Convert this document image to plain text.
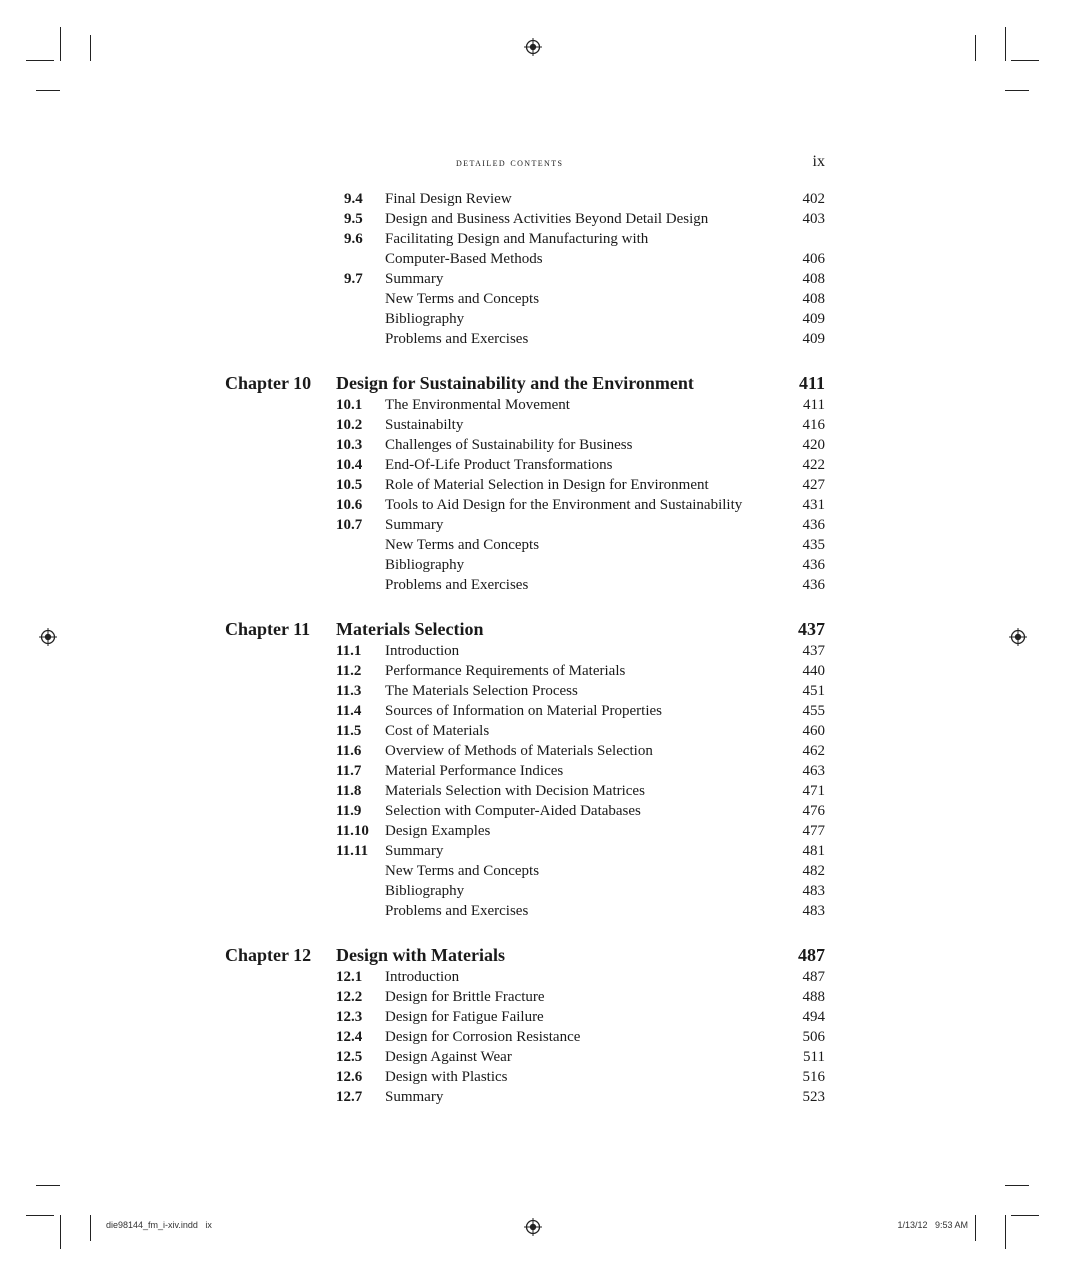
detailed contents	ix
9.4 Final Design Review	402
9.5 Design and Business Activities Beyond Detail Design	403
9.6 Facilitating Design and Manufacturing with
Computer-Based Methods	406
9.7 Summary	408
New Terms and Concepts	408
Bibliography	409
Problems and Exercises	409
Chapter 10 Design for Sustainability and the Environment	411
10.1 The Environmental Movement	411
10.2 Sustainabilty	416
10.3 Challenges of Sustainability for Business	420
10.4 End-Of-Life Product Transformations	422
10.5 Role of Material Selection in Design for Environment	427
10.6 Tools to Aid Design for the Environment and Sustainability	431
10.7 Summary	436
New Terms and Concepts	435
Bibliography	436
Problems and Exercises	436
Chapter 11 Materials Selection	437
11.1 Introduction	437
11.2 Performance Requirements of Materials	440
11.3 The Materials Selection Process	451
11.4 Sources of Information on Material Properties	455
11.5 Cost of Materials	460
11.6 Overview of Methods of Materials Selection	462
11.7 Material Performance Indices	463
11.8 Materials Selection with Decision Matrices	471
11.9 Selection with Computer-Aided Databases	476
11.10 Design Examples	477
11.11 Summary	481
New Terms and Concepts	482
Bibliography	483
Problems and Exercises	483
Chapter 12 Design with Materials	487
12.1 Introduction	487
12.2 Design for Brittle Fracture	488
12.3 Design for Fatigue Failure	494
12.4 Design for Corrosion Resistance	506
12.5 Design Against Wear	511
12.6 Design with Plastics	516
12.7 Summary	523
die98144_fm_i-xiv.indd   ix	1/13/12   9:53 AM
